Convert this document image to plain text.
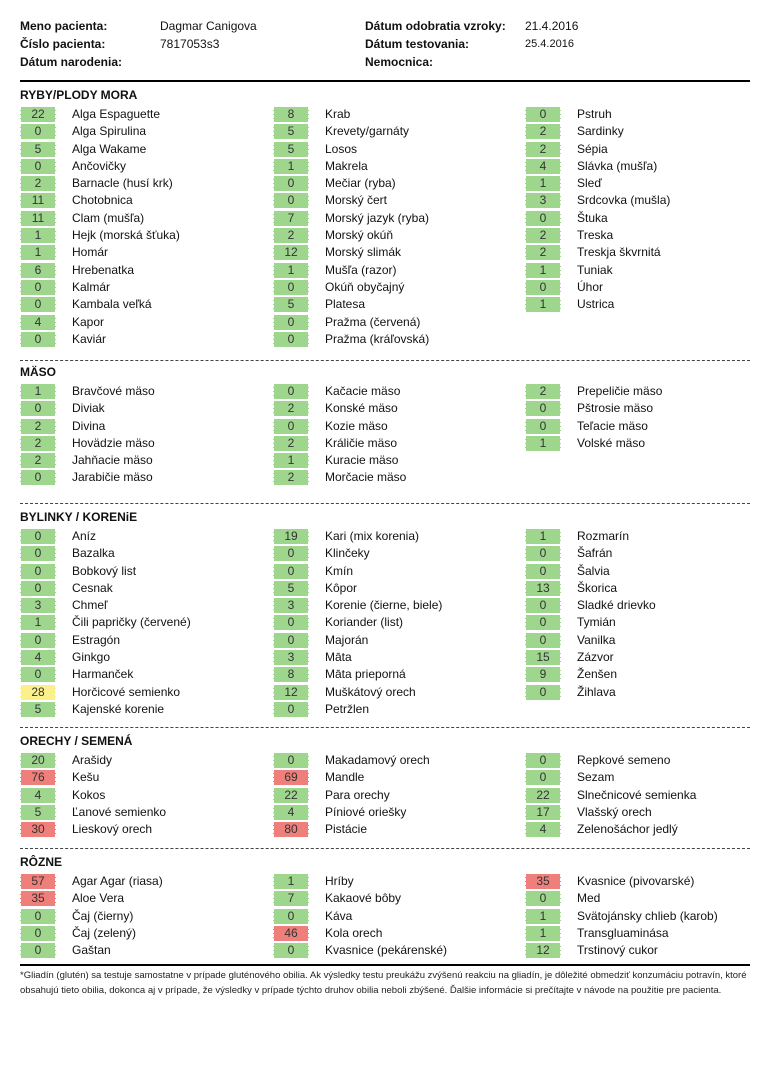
Meno pacienta:	Dagmar Canigova
Číslo pacienta:	7817053s3
Dátum narodenia:
Dátum odobratia vzroky: 21.4.2016
Dátum testovania:	25.4.2016
Nemocnica:
RYBY/PLODY MORA
22	Alga Espaguette
0	Alga Spirulina
5	Alga Wakame
0	Ančovičky
2	Barnacle (husí krk)
11	Chotobnica
11	Clam (mušľa)
1	Hejk (morská šťuka)
1	Homár
6	Hrebenatka
0	Kalmár
0	Kambala veľká
4	Kapor
0	Kaviár
8	Krab
5	Krevety/garnáty
5	Losos
1	Makrela
0	Mečiar (ryba)
0	Morský čert
7	Morský jazyk (ryba)
2	Morský okúň
12	Morský slimák
1	Mušľa (razor)
0	Okúň obyčajný
5	Platesa
0	Pražma (červená)
0	Pražma (kráľovská)
0	Pstruh
2	Sardinky
2	Sépia
4	Slávka (mušľa)
1	Sleď
3	Srdcovka (mušla)
0	Štuka
2	Treska
2	Treskja škvrnitá
1	Tuniak
0	Úhor
1	Ustrica
MÄSO
1	Bravčové mäso
0	Diviak
2	Divina
2	Hovädzie mäso
2	Jahňacie mäso
0	Jarabičie mäso
0	Kačacie mäso
2	Konské mäso
0	Kozie mäso
2	Králičie mäso
1	Kuracie mäso
2	Morčacie mäso
2	Prepeličie mäso
0	Pštrosie mäso
0	Teľacie mäso
1	Volské mäso
BYLINKY / KORENiE
0	Aníz
0	Bazalka
0	Bobkový list
0	Cesnak
3	Chmeľ
1	Čili papričky (červené)
0	Estragón
4	Ginkgo
0	Harmanček
28	Horčicové semienko
5	Kajenské korenie
19	Kari (mix korenia)
0	Klinčeky
0	Kmín
5	Kôpor
3	Korenie (čierne, biele)
0	Koriander (list)
0	Majorán
3	Māta
8	Māta prieporná
12	Muškátový orech
0	Petržlen
1	Rozmarín
0	Šafrán
0	Šalvia
13	Škorica
0	Sladké drievko
0	Tymián
0	Vanilka
15	Zázvor
9	Ženšen
0	Žihlava
ORECHY / SEMENÁ
20	Arašidy
76	Kešu
4	Kokos
5	Ľanové semienko
30	Lieskový orech
0	Makadamový orech
69	Mandle
22	Para orechy
4	Píniové oriešky
80	Pistácie
0	Repkové semeno
0	Sezam
22	Slnečnicové semienka
17	Vlašský orech
4	Zelenošáchor jedlý
RÔZNE
57	Agar Agar (riasa)
35	Aloe Vera
0	Čaj (čierny)
0	Čaj (zelený)
0	Gaštan
1	Hríby
7	Kakaové bôby
0	Káva
46	Kola orech
0	Kvasnice (pekárenské)
35	Kvasnice (pivovarské)
0	Med
1	Svätojánsky chlieb (karob)
1	Transgluaminása
12	Trstinový cukor
*Gliadín (glutén) sa testuje samostatne v prípade gluténového obilia. Ak výsledky testu preukážu zvýšenú reakciu na gliadín, je dôležité obmedziť konzumáciu potravín, ktoré obsahujú tieto obilia, dokonca aj v prípade, že výsledky v prípade týchto druhov obilia neboli zbýšené. Ďalšie informácie si prečítajte v návode na použitie pre pacienta.
